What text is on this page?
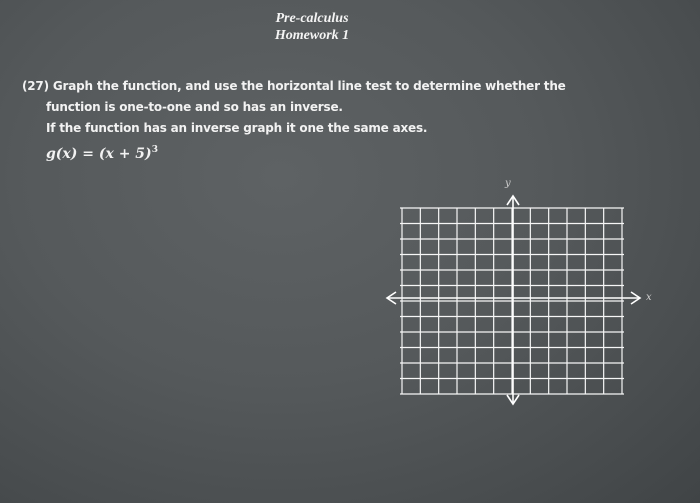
Pre-calculus
Homework 1
(27) Graph the function, and use the horizontal line test to determine whether the
function is one-to-one and so has an inverse.
If the function has an inverse graph it one the same axes.
$g(x) = (x + 5)^3$
x
y
